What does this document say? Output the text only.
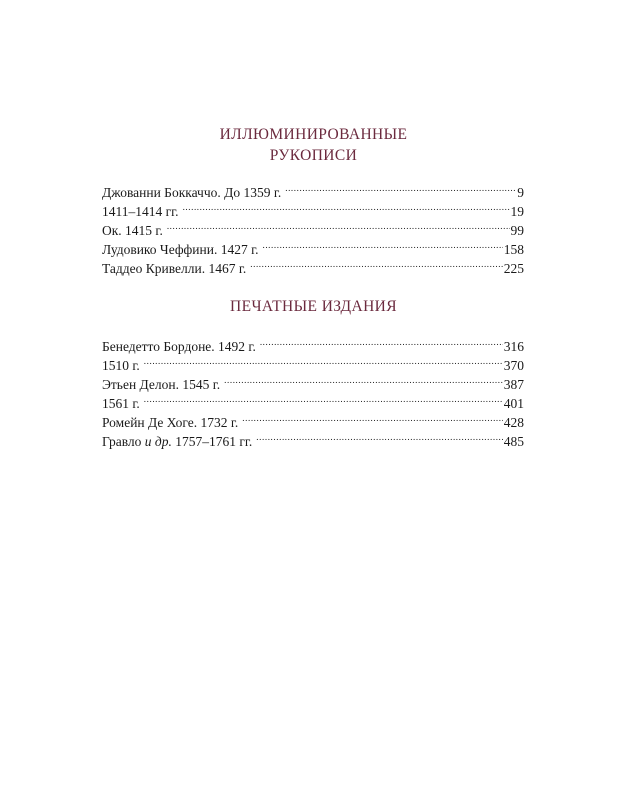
ИЛЛЮМИНИРОВАННЫЕ
РУКОПИСИ
Джованни Боккаччо. До 1359 г. .....	9
1411–1414 гг. .....	19
Ок. 1415 г. .....	99
Лудовико Чеффини. 1427 г. .....	158
Таддео Кривелли. 1467 г. .....	225
ПЕЧАТНЫЕ ИЗДАНИЯ
Бенедетто Бордоне. 1492 г. .....	316
1510 г. .....	370
Этьен Делон. 1545 г. .....	387
1561 г. .....	401
Ромейн Де Хоге. 1732 г. .....	428
Гравло и др. 1757–1761 гг. .....	485
